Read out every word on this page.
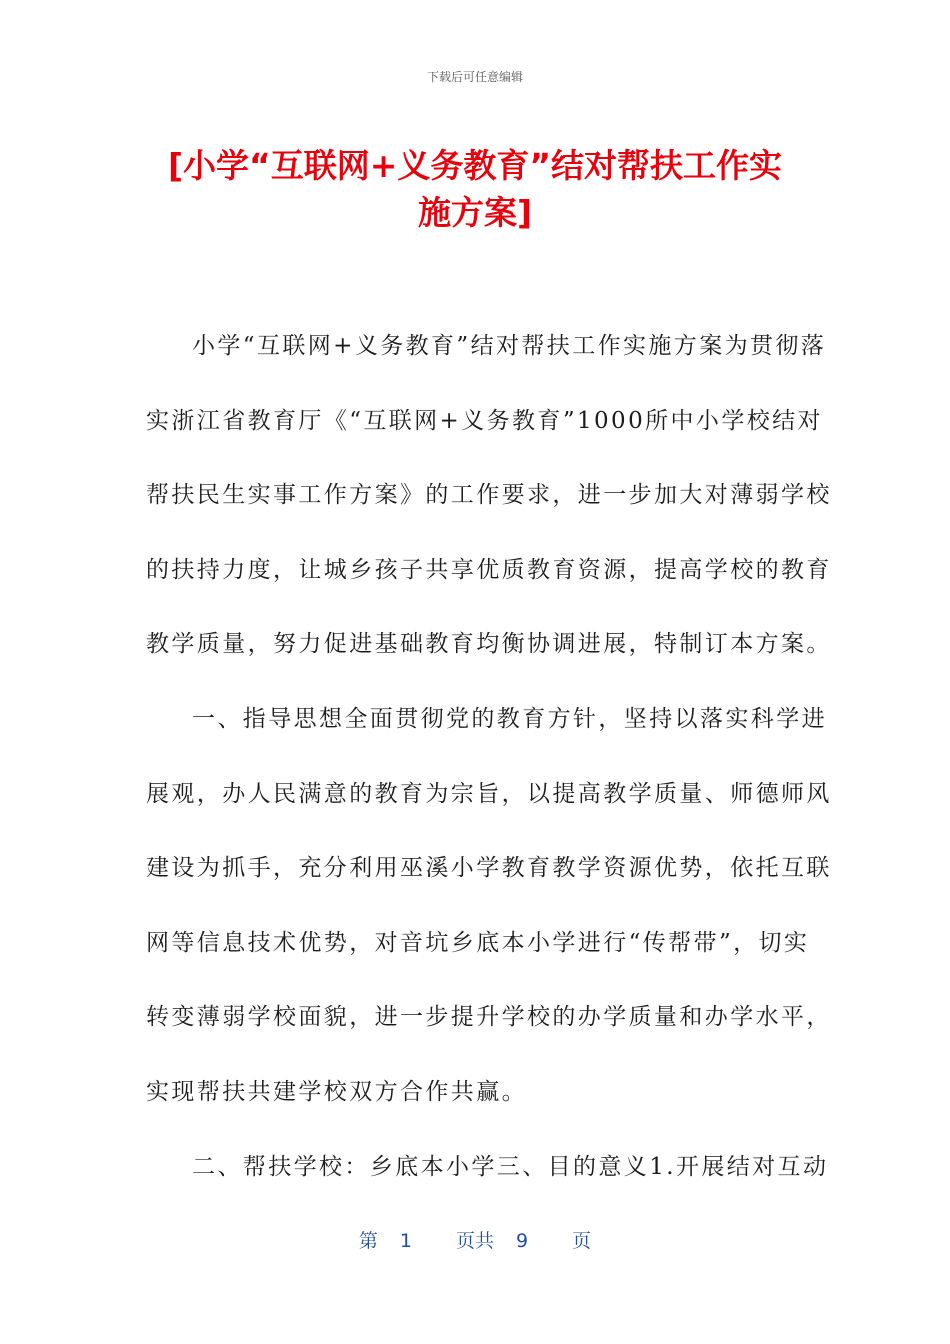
下载后可任意编辑
[小学“互联网+义务教育”结对帮扶工作实
施方案]
小学“互联网+义务教育”结对帮扶工作实施方案为贯彻落
实浙江省教育厅《“互联网+义务教育”1000所中小学校结对
帮扶民生实事工作方案》的工作要求，进一步加大对薄弱学校
的扶持力度，让城乡孩子共享优质教育资源，提高学校的教育
教学质量，努力促进基础教育均衡协调进展，特制订本方案。
一、指导思想全面贯彻党的教育方针，坚持以落实科学进
展观，办人民满意的教育为宗旨，以提高教学质量、师德师风
建设为抓手，充分利用巫溪小学教育教学资源优势，依托互联
网等信息技术优势，对音坑乡底本小学进行“传帮带”，切实
转变薄弱学校面貌，进一步提升学校的办学质量和办学水平，
实现帮扶共建学校双方合作共赢。
二、帮扶学校：乡底本小学三、目的意义1.开展结对互动
第 1 页共 9 页
